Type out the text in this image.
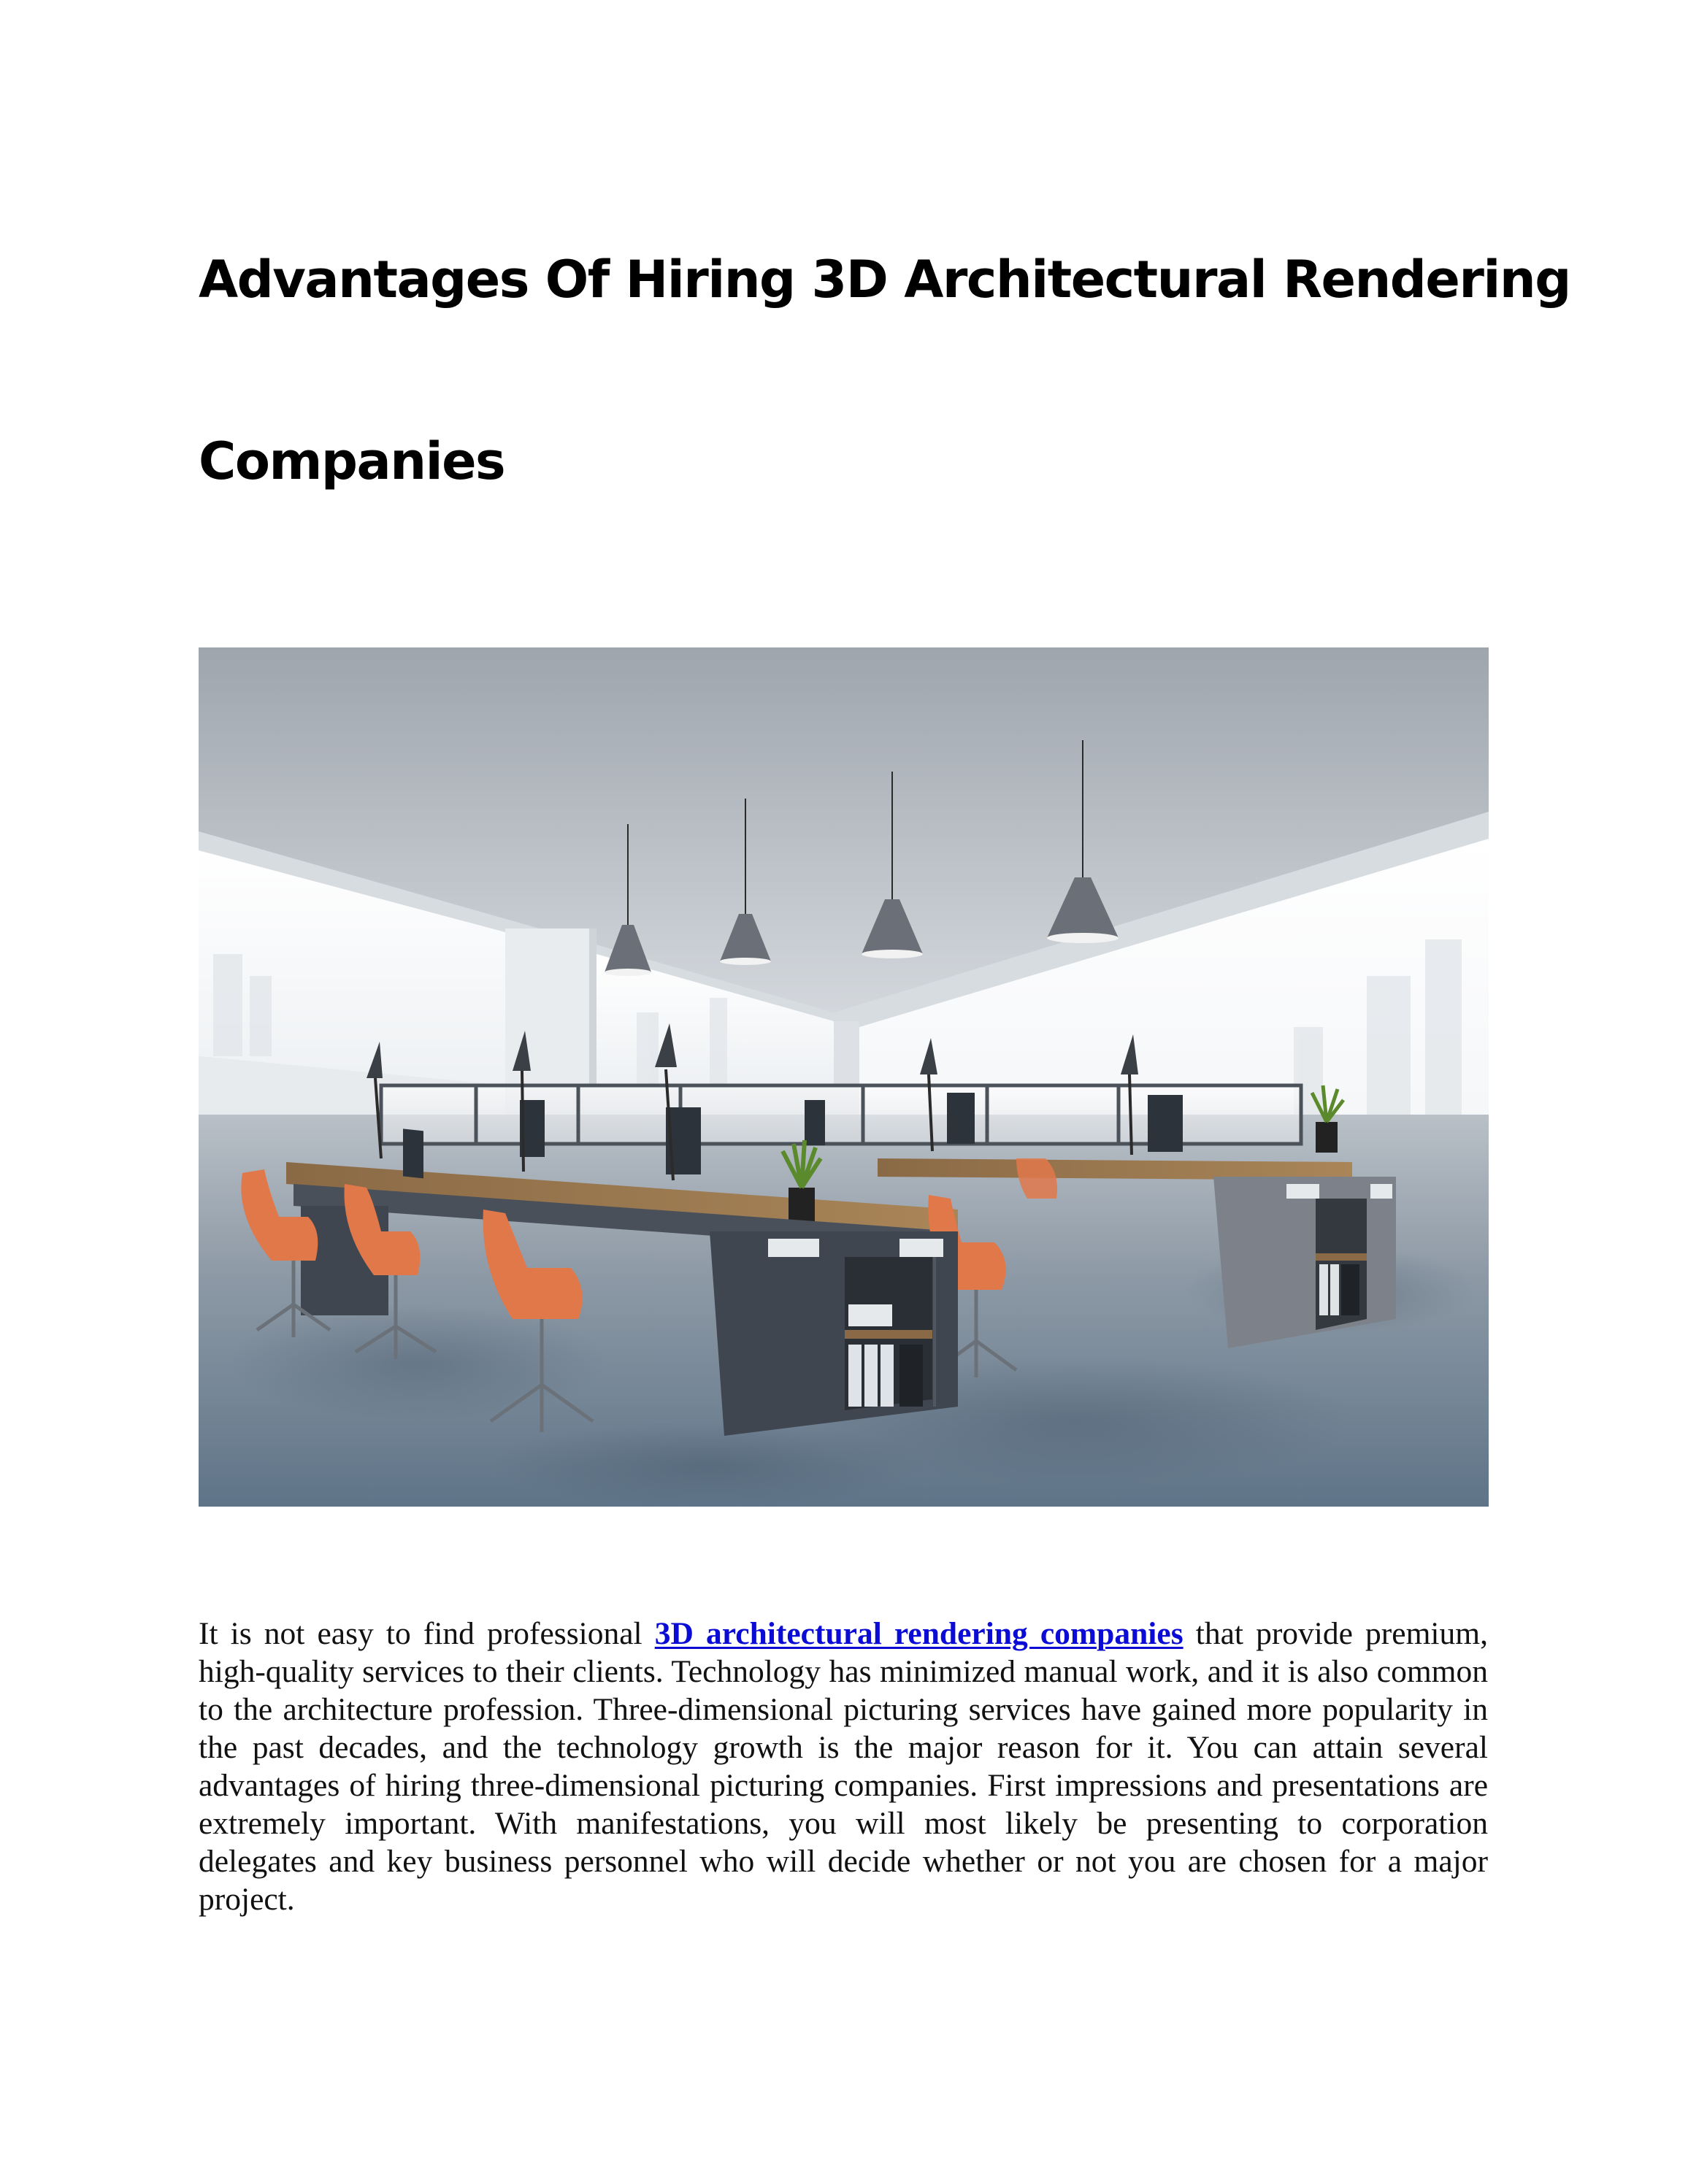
Advantages Of Hiring 3D Architectural Rendering
Companies

It is not easy to find professional 3D architectural rendering companies that provide premium, high-quality services to their clients. Technology has minimized manual work, and it is also common to the architecture profession. Three-dimensional picturing services have gained more popularity in the past decades, and the technology growth is the major reason for it. You can attain several advantages of hiring three-dimensional picturing companies. First impressions and presentations are extremely important. With manifestations, you will most likely be presenting to corporation delegates and key business personnel who will decide whether or not you are chosen for a major project.
